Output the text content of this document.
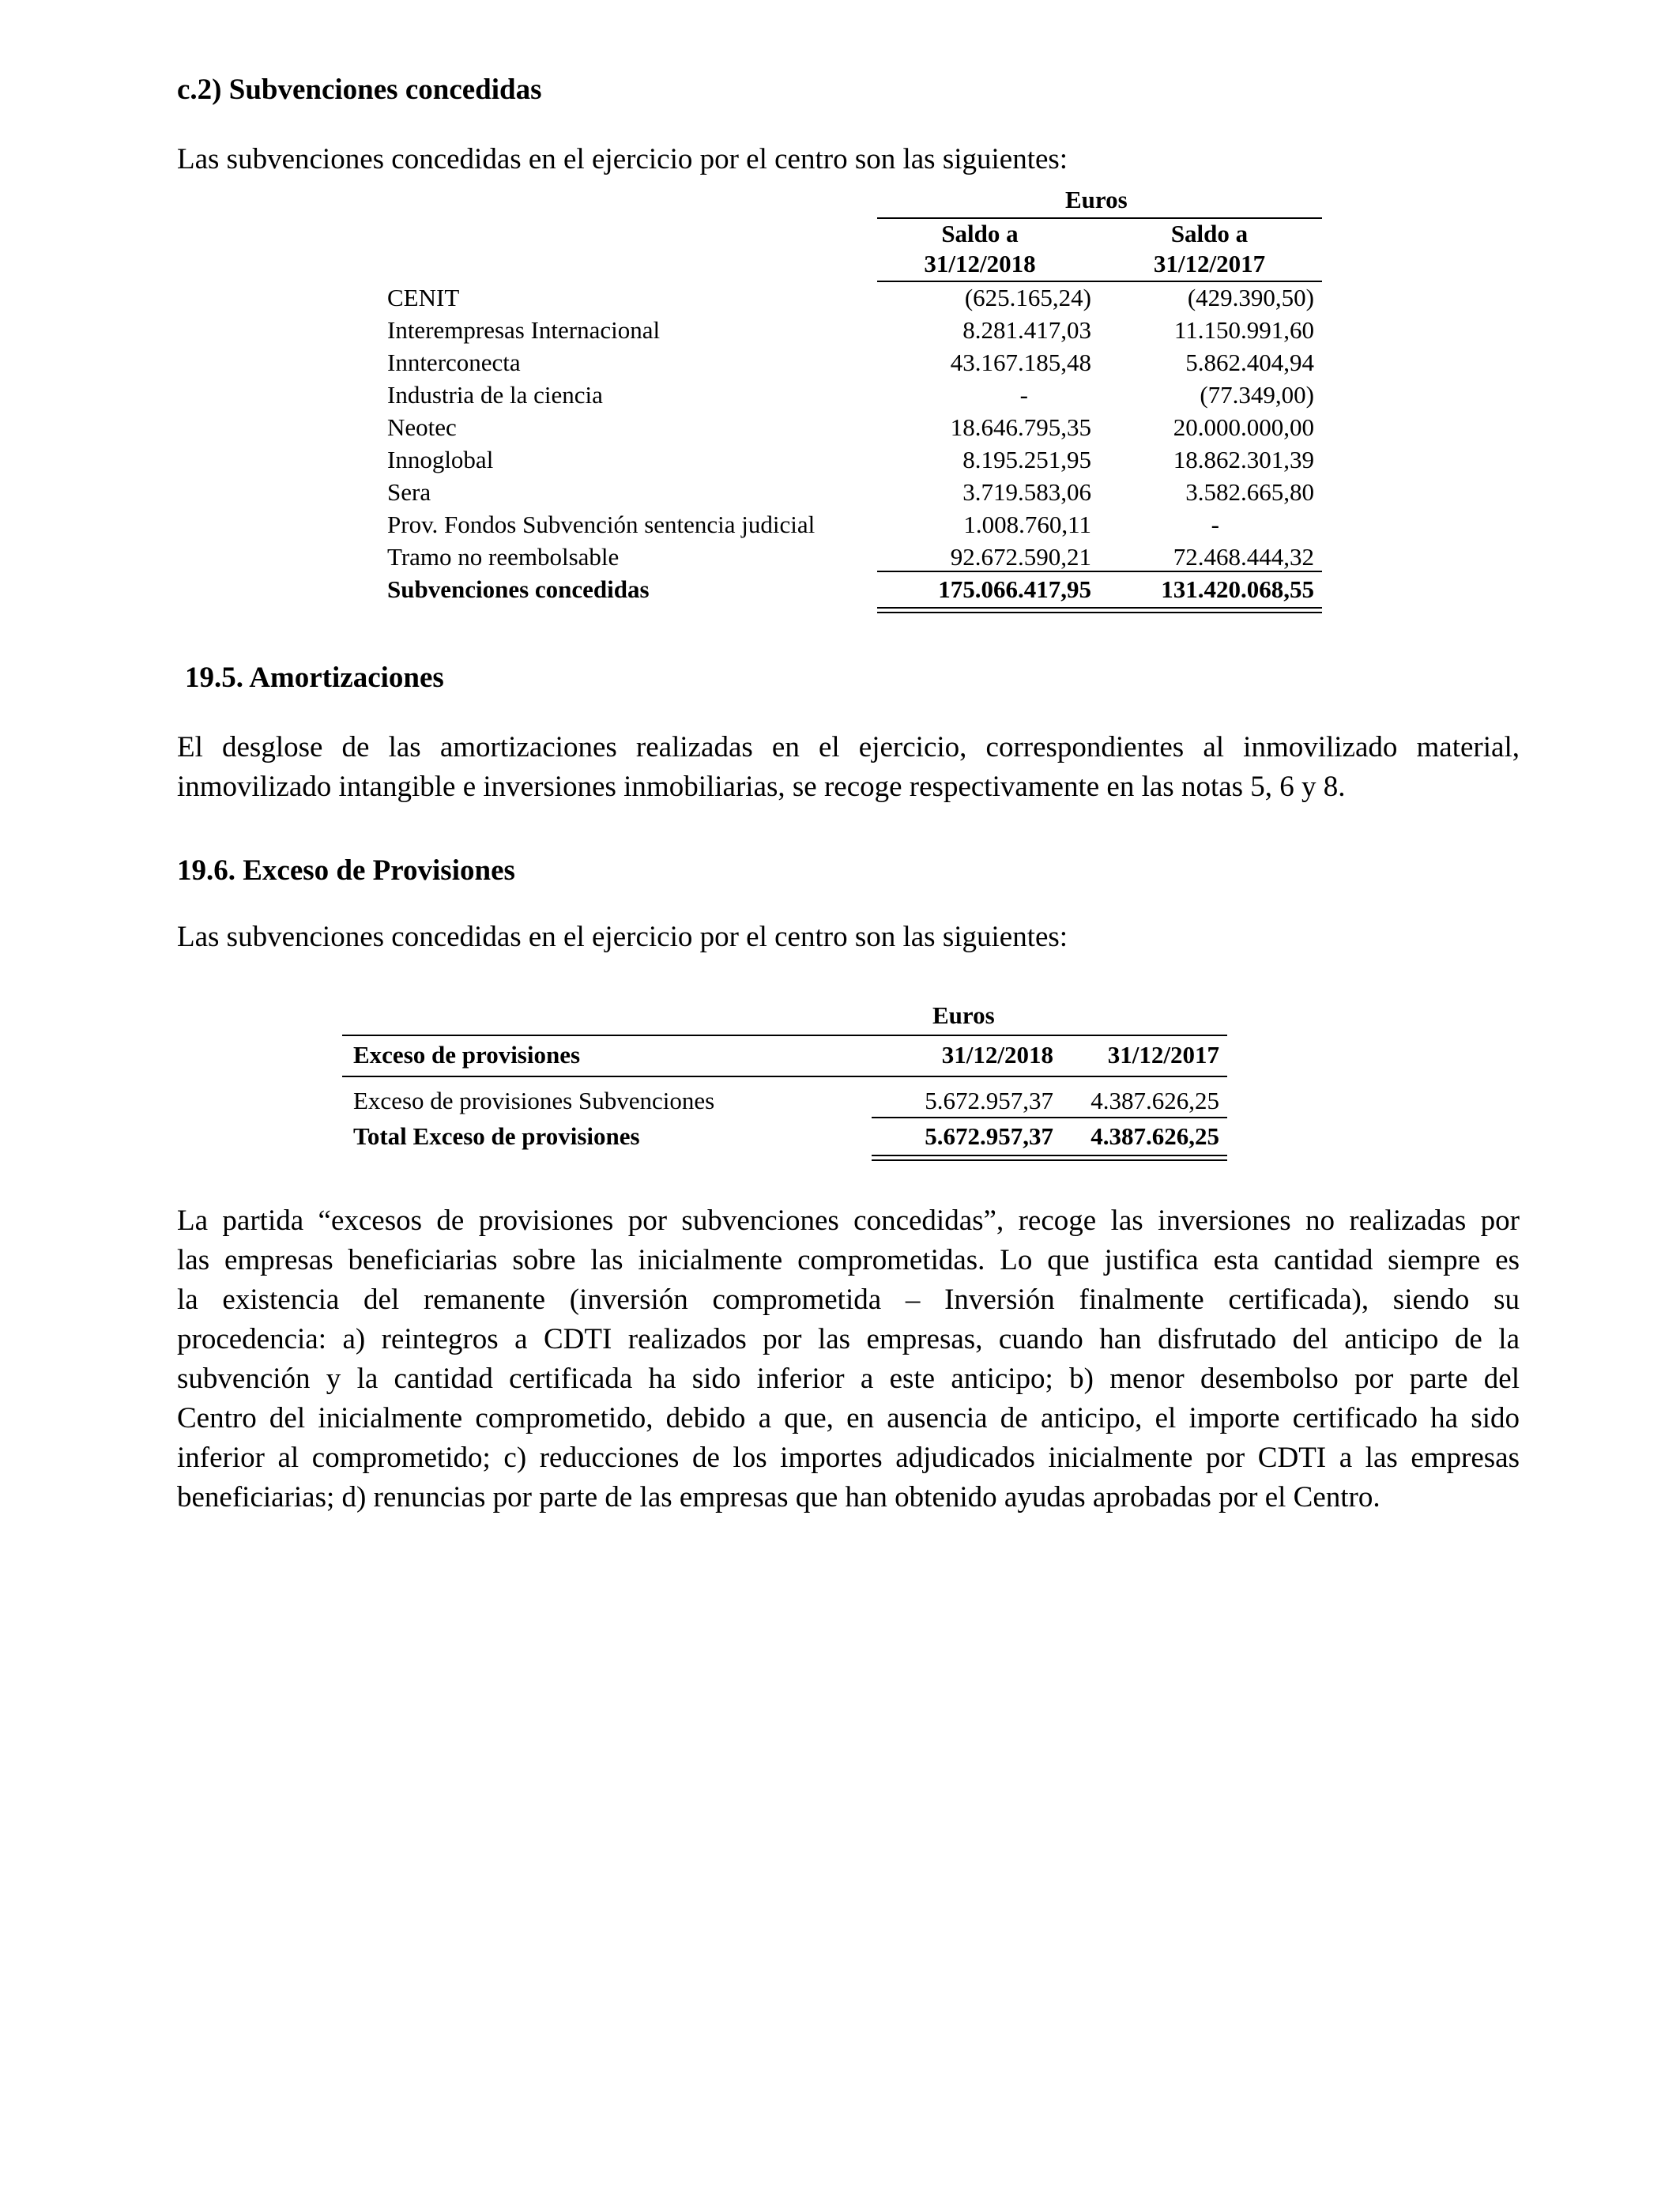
c.2) Subvenciones concedidas
Las subvenciones concedidas en el ejercicio por el centro son las siguientes:
Euros
Saldo a
31/12/2018
Saldo a
31/12/2017
CENIT	(625.165,24)	(429.390,50)
Interempresas Internacional	8.281.417,03	11.150.991,60
Innterconecta	43.167.185,48	5.862.404,94
Industria de la ciencia	-	(77.349,00)
Neotec	18.646.795,35	20.000.000,00
Innoglobal	8.195.251,95	18.862.301,39
Sera	3.719.583,06	3.582.665,80
Prov. Fondos Subvención sentencia judicial	1.008.760,11	-
Tramo no reembolsable	92.672.590,21	72.468.444,32
Subvenciones concedidas	175.066.417,95	131.420.068,55
19.5. Amortizaciones
El desglose de las amortizaciones realizadas en el ejercicio, correspondientes al inmovilizado material,
inmovilizado intangible e inversiones inmobiliarias, se recoge respectivamente en las notas 5, 6 y 8.
19.6. Exceso de Provisiones
Las subvenciones concedidas en el ejercicio por el centro son las siguientes:
Euros
Exceso de provisiones	31/12/2018 31/12/2017
Exceso de provisiones Subvenciones	5.672.957,37 4.387.626,25
Total Exceso de provisiones	5.672.957,37 4.387.626,25
La partida “excesos de provisiones por subvenciones concedidas”, recoge las inversiones no realizadas por
las empresas beneficiarias sobre las inicialmente comprometidas. Lo que justifica esta cantidad siempre es
la existencia del remanente (inversión comprometida – Inversión finalmente certificada), siendo su
procedencia: a) reintegros a CDTI realizados por las empresas, cuando han disfrutado del anticipo de la
subvención y la cantidad certificada ha sido inferior a este anticipo; b) menor desembolso por parte del
Centro del inicialmente comprometido, debido a que, en ausencia de anticipo, el importe certificado ha sido
inferior al comprometido; c) reducciones de los importes adjudicados inicialmente por CDTI a las empresas
beneficiarias; d) renuncias por parte de las empresas que han obtenido ayudas aprobadas por el Centro.
